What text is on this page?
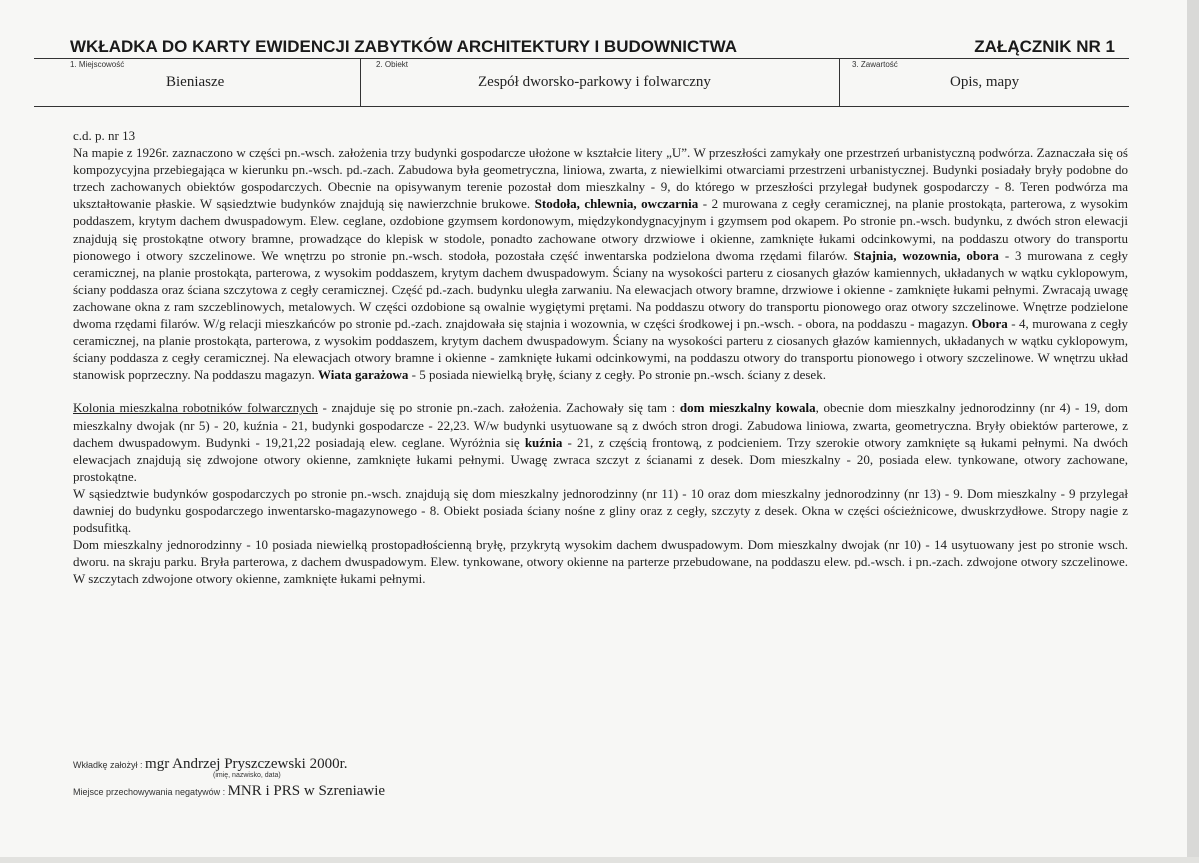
WKŁADKA DO KARTY EWIDENCJI ZABYTKÓW ARCHITEKTURY I BUDOWNICTWA	ZAŁĄCZNIK NR 1
1. Miejscowość
Bieniasze
2. Obiekt
Zespół dworsko-parkowy i folwarczny
3. Zawartość
Opis, mapy

c.d. p. nr 13

Na mapie z 1926r. zaznaczono w części pn.-wsch. założenia trzy budynki gospodarcze ułożone w kształcie litery „U”. W przeszłości zamykały one przestrzeń urbanistyczną podwórza. Zaznaczała się oś kompozycyjna przebiegająca w kierunku pn.-wsch. pd.-zach. Zabudowa była geometryczna, liniowa, zwarta, z niewielkimi otwarciami przestrzeni urbanistycznej. Budynki posiadały bryły podobne do trzech zachowanych obiektów gospodarczych. Obecnie na opisywanym terenie pozostał dom mieszkalny - 9, do którego w przeszłości przylegał budynek gospodarczy - 8. Teren podwórza ma ukształtowanie płaskie. W sąsiedztwie budynków znajdują się nawierzchnie brukowe. Stodoła, chlewnia, owczarnia - 2 murowana z cegły ceramicznej, na planie prostokąta, parterowa, z wysokim poddaszem, krytym dachem dwuspadowym. Elew. ceglane, ozdobione gzymsem kordonowym, międzykondygnacyjnym i gzymsem pod okapem. Po stronie pn.-wsch. budynku, z dwóch stron elewacji znajdują się prostokątne otwory bramne, prowadzące do klepisk w stodole, ponadto zachowane otwory drzwiowe i okienne, zamknięte łukami odcinkowymi, na poddaszu otwory do transportu pionowego i otwory szczelinowe. We wnętrzu po stronie pn.-wsch. stodoła, pozostała część inwentarska podzielona dwoma rzędami filarów. Stajnia, wozownia, obora - 3 murowana z cegły ceramicznej, na planie prostokąta, parterowa, z wysokim poddaszem, krytym dachem dwuspadowym. Ściany na wysokości parteru z ciosanych głazów kamiennych, układanych w wątku cyklopowym, ściany poddasza oraz ściana szczytowa z cegły ceramicznej. Część pd.-zach. budynku uległa zarwaniu. Na elewacjach otwory bramne, drzwiowe i okienne - zamknięte łukami pełnymi. Zwracają uwagę zachowane okna z ram szczeblinowych, metalowych. W części ozdobione są owalnie wygiętymi prętami. Na poddaszu otwory do transportu pionowego oraz otwory szczelinowe. Wnętrze podzielone dwoma rzędami filarów. W/g relacji mieszkańców po stronie pd.-zach. znajdowała się stajnia i wozownia, w części środkowej i pn.-wsch. - obora, na poddaszu - magazyn. Obora - 4, murowana z cegły ceramicznej, na planie prostokąta, parterowa, z wysokim poddaszem, krytym dachem dwuspadowym. Ściany na wysokości parteru z ciosanych głazów kamiennych, układanych w wątku cyklopowym, ściany poddasza z cegły ceramicznej. Na elewacjach otwory bramne i okienne - zamknięte łukami odcinkowymi, na poddaszu otwory do transportu pionowego i otwory szczelinowe. W wnętrzu układ stanowisk poprzeczny. Na poddaszu magazyn. Wiata garażowa - 5 posiada niewielką bryłę, ściany z cegły. Po stronie pn.-wsch. ściany z desek.

Kolonia mieszkalna robotników folwarcznych - znajduje się po stronie pn.-zach. założenia. Zachowały się tam : dom mieszkalny kowala, obecnie dom mieszkalny jednorodzinny (nr 4) - 19, dom mieszkalny dwojak (nr 5) - 20, kuźnia - 21, budynki gospodarcze - 22,23. W/w budynki usytuowane są z dwóch stron drogi. Zabudowa liniowa, zwarta, geometryczna. Bryły obiektów parterowe, z dachem dwuspadowym. Budynki - 19,21,22 posiadają elew. ceglane. Wyróżnia się kuźnia - 21, z częścią frontową, z podcieniem. Trzy szerokie otwory zamknięte są łukami pełnymi. Na dwóch elewacjach znajdują się zdwojone otwory okienne, zamknięte łukami pełnymi. Uwagę zwraca szczyt z ścianami z desek. Dom mieszkalny - 20, posiada elew. tynkowane, otwory zachowane, prostokątne.

W sąsiedztwie budynków gospodarczych po stronie pn.-wsch. znajdują się dom mieszkalny jednorodzinny (nr 11) - 10 oraz dom mieszkalny jednorodzinny (nr 13) - 9. Dom mieszkalny - 9 przylegał dawniej do budynku gospodarczego inwentarsko-magazynowego - 8. Obiekt posiada ściany nośne z gliny oraz z cegły, szczyty z desek. Okna w części ościeżnicowe, dwuskrzydłowe. Stropy nagie z podsufitką.

Dom mieszkalny jednorodzinny - 10 posiada niewielką prostopadłościenną bryłę, przykrytą wysokim dachem dwuspadowym. Dom mieszkalny dwojak (nr 10) - 14 usytuowany jest po stronie wsch. dworu. na skraju parku. Bryła parterowa, z dachem dwuspadowym. Elew. tynkowane, otwory okienne na parterze przebudowane, na poddaszu elew. pd.-wsch. i pn.-zach. zdwojone otwory szczelinowe. W szczytach zdwojone otwory okienne, zamknięte łukami pełnymi.

Wkładkę założył : mgr Andrzej Pryszczewski 2000r.
(imię, nazwisko, data)
Miejsce przechowywania negatywów : MNR i PRS w Szreniawie
